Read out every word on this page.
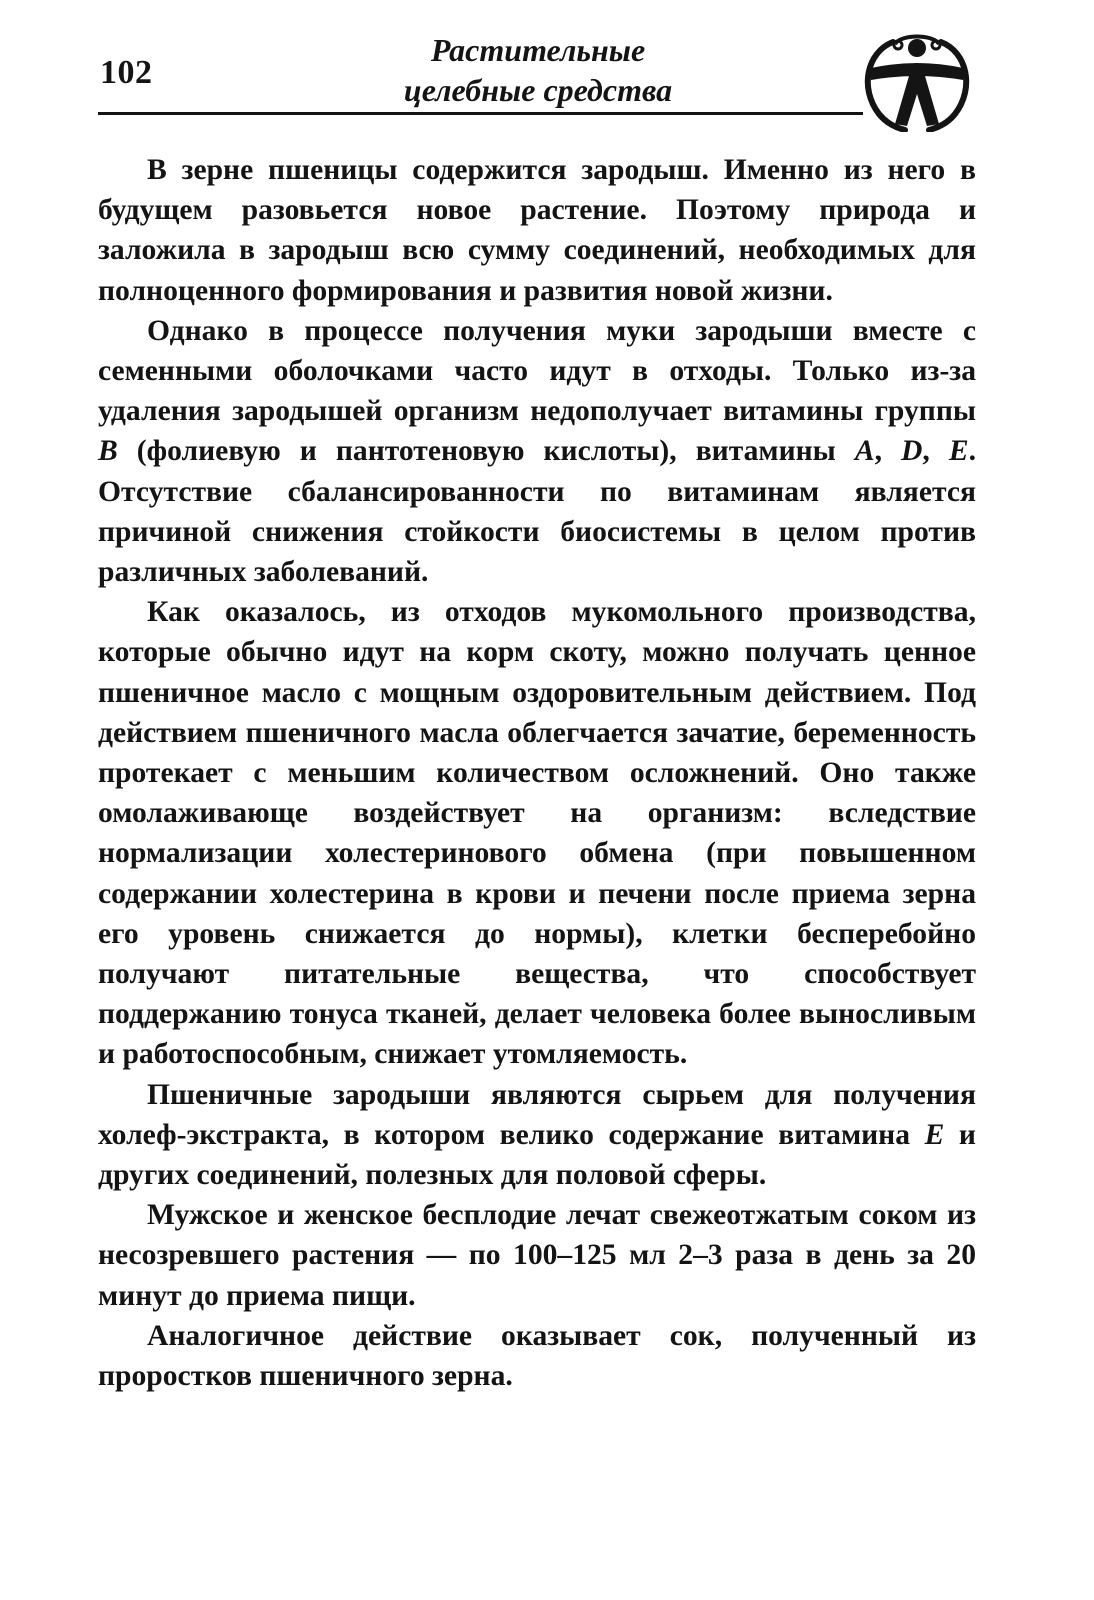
102
Растительные
целебные средства

В зерне пшеницы содержится зародыш. Именно из него в будущем разовьется новое растение. Поэтому природа и заложила в зародыш всю сумму соединений, необходимых для полноценного формирования и развития новой жизни.

Однако в процессе получения муки зародыши вместе с семенными оболочками часто идут в отходы. Только из-за удаления зародышей организм недополучает витамины группы B (фолиевую и пантотеновую кислоты), витамины A, D, E. Отсутствие сбалансированности по витаминам является причиной снижения стойкости биосистемы в целом против различных заболеваний.

Как оказалось, из отходов мукомольного производства, которые обычно идут на корм скоту, можно получать ценное пшеничное масло с мощным оздоровительным действием. Под действием пшеничного масла облегчается зачатие, беременность протекает с меньшим количеством осложнений. Оно также омолаживающе воздействует на организм: вследствие нормализации холестеринового обмена (при повышенном содержании холестерина в крови и печени после приема зерна его уровень снижается до нормы), клетки бесперебойно получают питательные вещества, что способствует поддержанию тонуса тканей, делает человека более выносливым и работоспособным, снижает утомляемость.

Пшеничные зародыши являются сырьем для получения холеф-экстракта, в котором велико содержание витамина E и других соединений, полезных для половой сферы.

Мужское и женское бесплодие лечат свежеотжатым соком из несозревшего растения — по 100–125 мл 2–3 раза в день за 20 минут до приема пищи.

Аналогичное действие оказывает сок, полученный из проростков пшеничного зерна.
